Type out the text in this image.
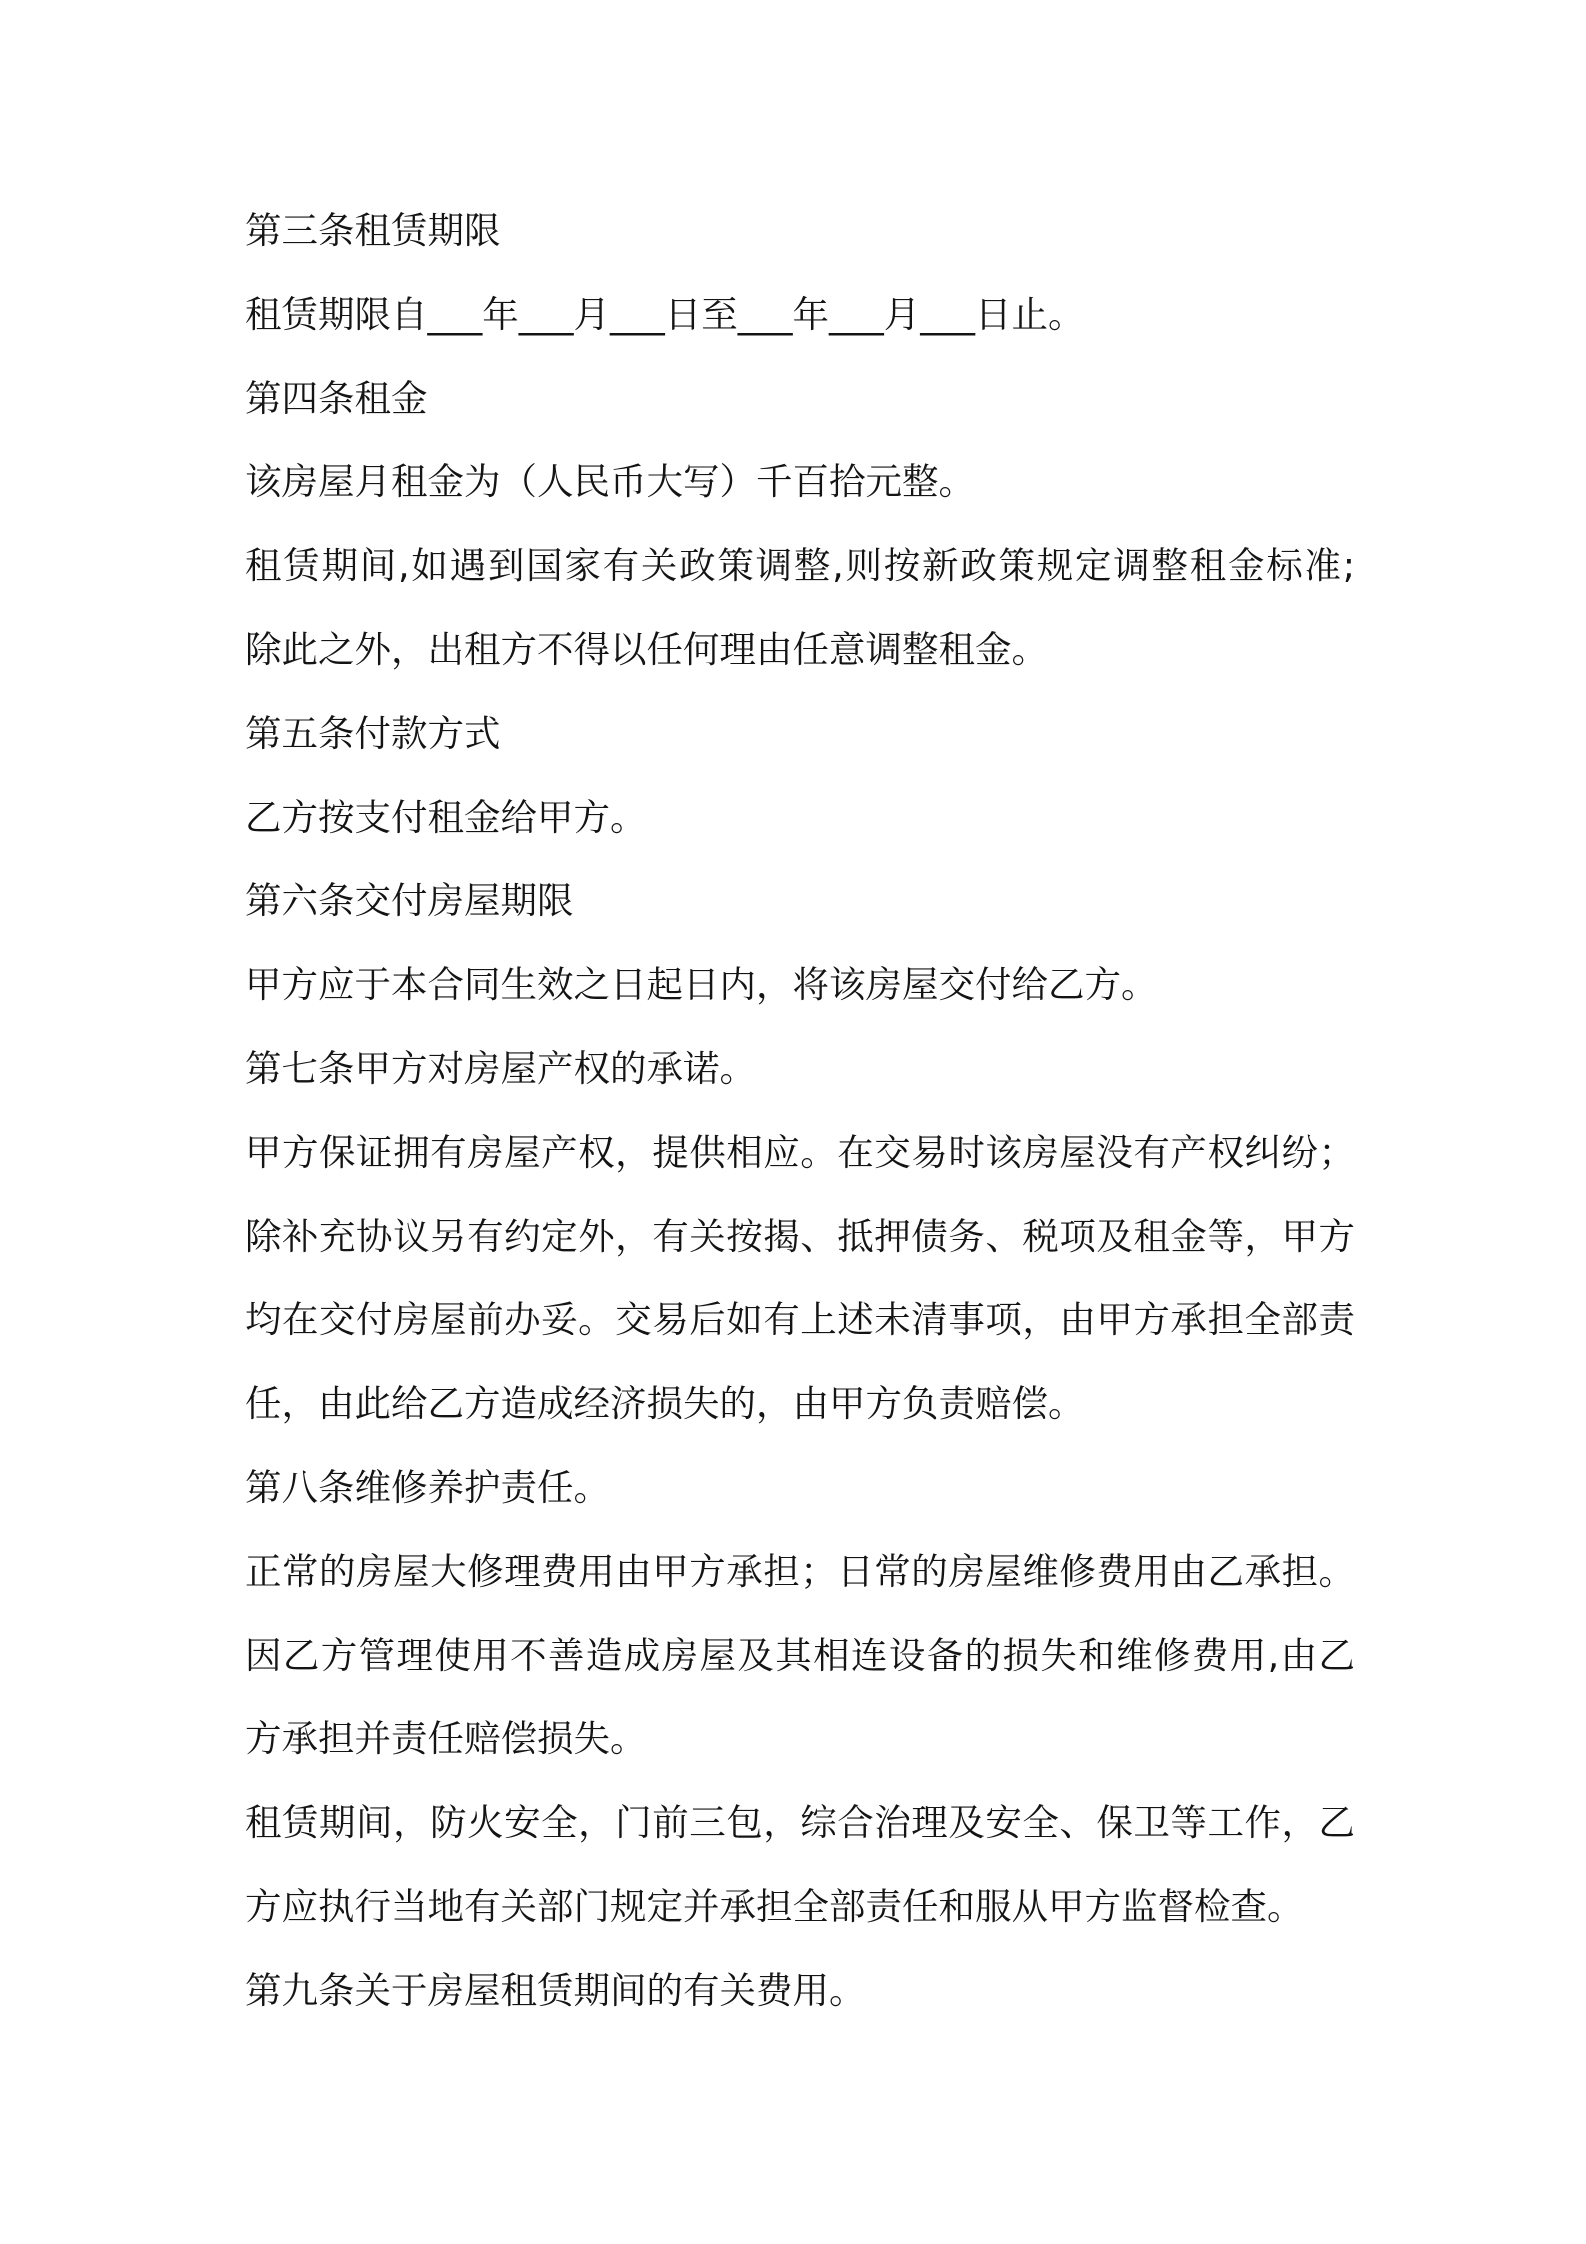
第三条租赁期限
租赁期限自___年___月___日至___年___月___日止。
第四条租金
该房屋月租金为（人民币大写）千百拾元整。
租赁期间,如遇到国家有关政策调整,则按新政策规定调整租金标准;
除此之外，出租方不得以任何理由任意调整租金。
第五条付款方式
乙方按支付租金给甲方。
第六条交付房屋期限
甲方应于本合同生效之日起日内，将该房屋交付给乙方。
第七条甲方对房屋产权的承诺。
甲方保证拥有房屋产权，提供相应。在交易时该房屋没有产权纠纷；
除补充协议另有约定外，有关按揭、抵押债务、税项及租金等，甲方
均在交付房屋前办妥。交易后如有上述未清事项，由甲方承担全部责
任，由此给乙方造成经济损失的，由甲方负责赔偿。
第八条维修养护责任。
正常的房屋大修理费用由甲方承担；日常的房屋维修费用由乙承担。
因乙方管理使用不善造成房屋及其相连设备的损失和维修费用,由乙
方承担并责任赔偿损失。
租赁期间，防火安全，门前三包，综合治理及安全、保卫等工作，乙
方应执行当地有关部门规定并承担全部责任和服从甲方监督检查。
第九条关于房屋租赁期间的有关费用。
